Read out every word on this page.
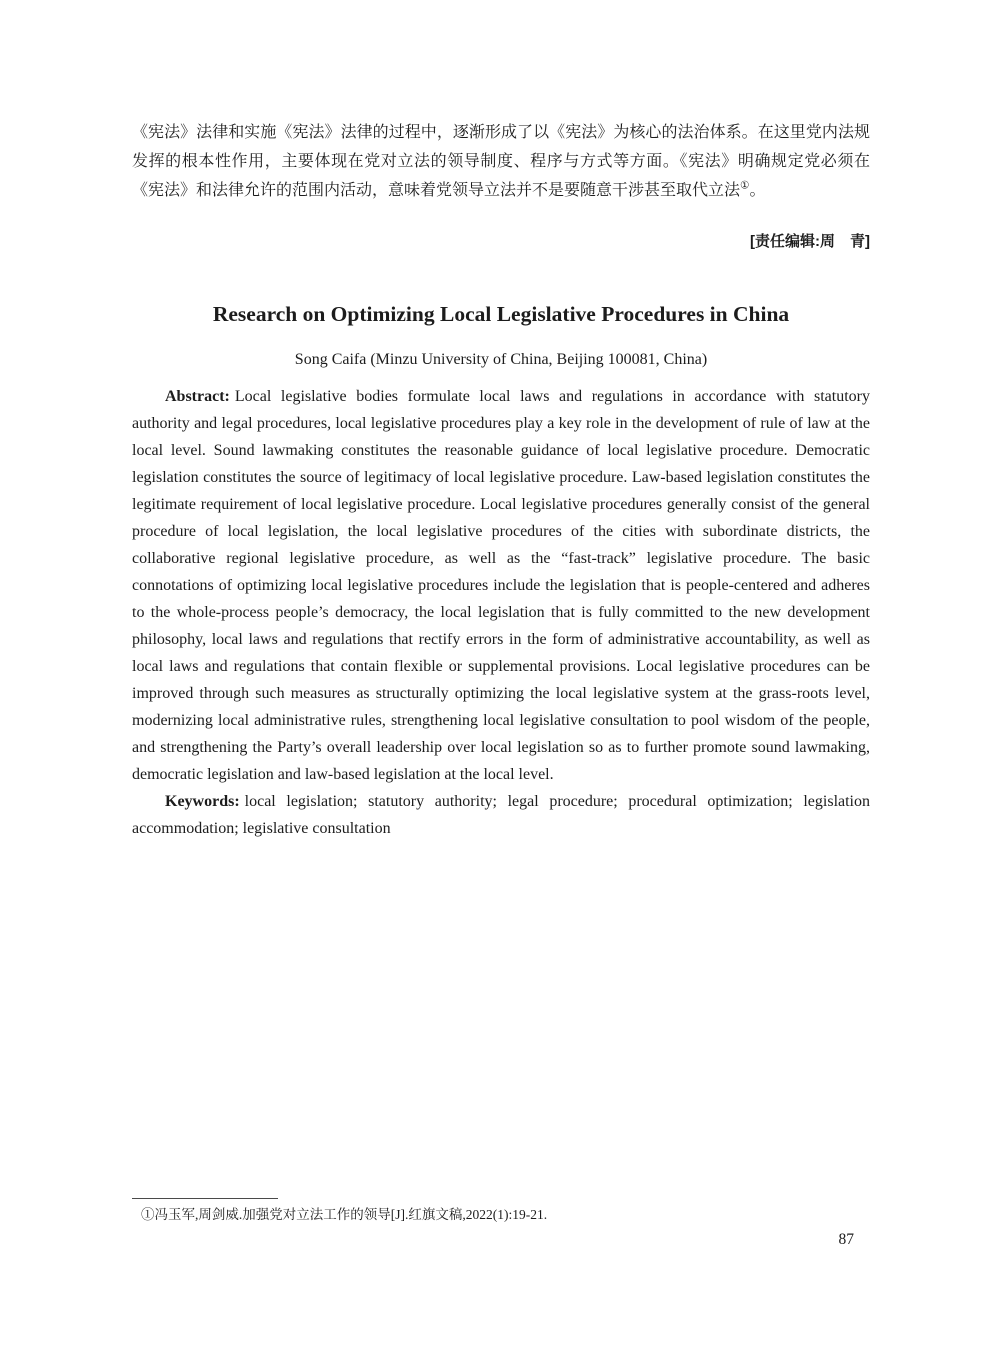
《宪法》法律和实施《宪法》法律的过程中，逐渐形成了以《宪法》为核心的法治体系。在这里党内法规发挥的根本性作用，主要体现在党对立法的领导制度、程序与方式等方面。《宪法》明确规定党必须在《宪法》和法律允许的范围内活动，意味着党领导立法并不是要随意干涉甚至取代立法①。

[责任编辑:周　青]

Research on Optimizing Local Legislative Procedures in China

Song Caifa (Minzu University of China, Beijing 100081, China)

Abstract: Local legislative bodies formulate local laws and regulations in accordance with statutory authority and legal procedures, local legislative procedures play a key role in the development of rule of law at the local level. Sound lawmaking constitutes the reasonable guidance of local legislative procedure. Democratic legislation constitutes the source of legitimacy of local legislative procedure. Law-based legislation constitutes the legitimate requirement of local legislative procedure. Local legislative procedures generally consist of the general procedure of local legislation, the local legislative procedures of the cities with subordinate districts, the collaborative regional legislative procedure, as well as the “fast-track” legislative procedure. The basic connotations of optimizing local legislative procedures include the legislation that is people-centered and adheres to the whole-process people’s democracy, the local legislation that is fully committed to the new development philosophy, local laws and regulations that rectify errors in the form of administrative accountability, as well as local laws and regulations that contain flexible or supplemental provisions. Local legislative procedures can be improved through such measures as structurally optimizing the local legislative system at the grass-roots level, modernizing local administrative rules, strengthening local legislative consultation to pool wisdom of the people, and strengthening the Party’s overall leadership over local legislation so as to further promote sound lawmaking, democratic legislation and law-based legislation at the local level.

Keywords: local legislation; statutory authority; legal procedure; procedural optimization; legislation accommodation; legislative consultation

①冯玉军,周剑威.加强党对立法工作的领导[J].红旗文稿,2022(1):19-21.

87
